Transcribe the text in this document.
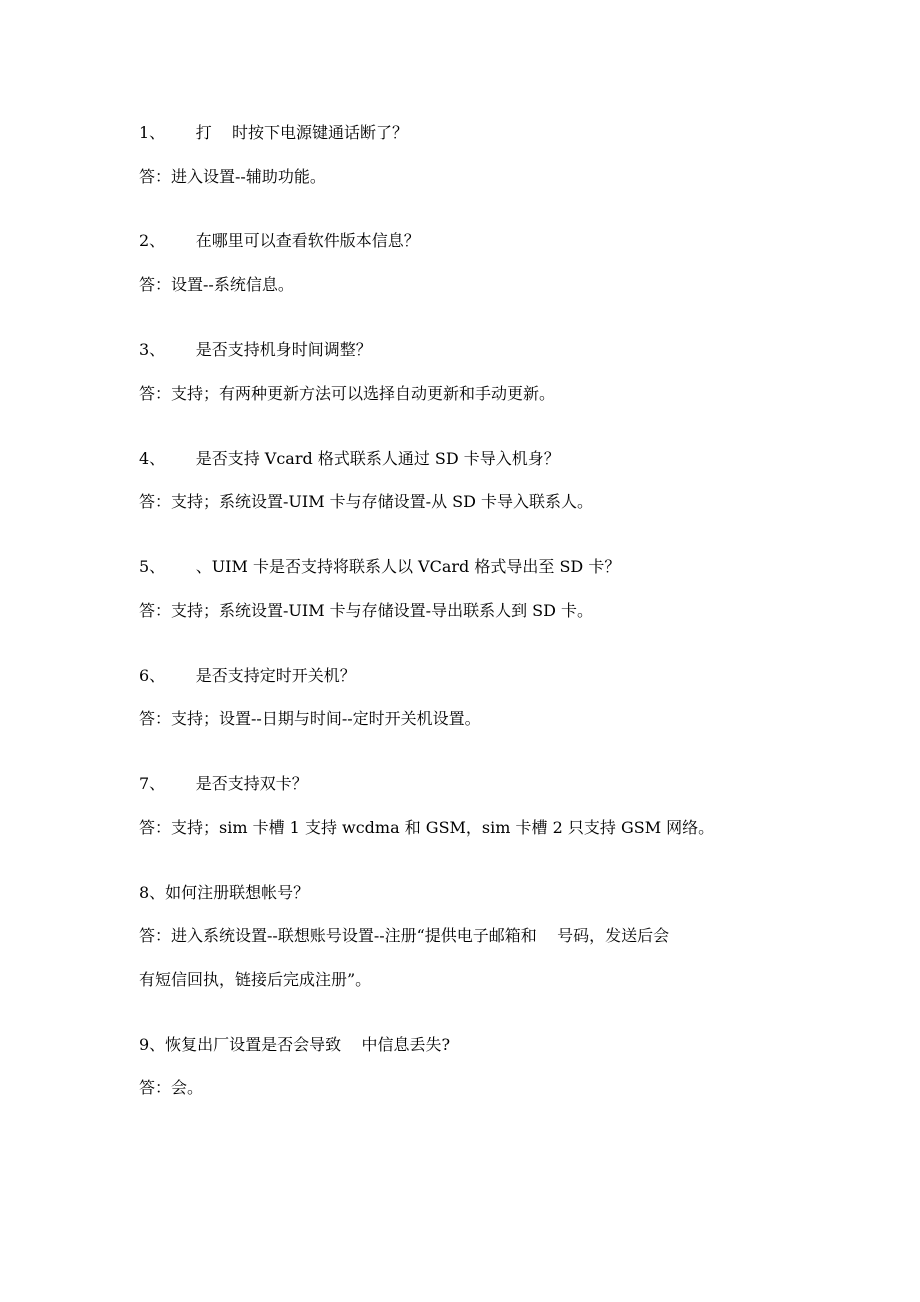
1、      打    时按下电源键通话断了？

答：进入设置--辅助功能。

2、      在哪里可以查看软件版本信息？

答：设置--系统信息。

3、      是否支持机身时间调整？

答：支持；有两种更新方法可以选择自动更新和手动更新。

4、      是否支持 Vcard 格式联系人通过 SD 卡导入机身？

答：支持；系统设置-UIM 卡与存储设置-从 SD 卡导入联系人。

5、      、UIM 卡是否支持将联系人以 VCard 格式导出至 SD 卡？

答：支持；系统设置-UIM 卡与存储设置-导出联系人到 SD 卡。

6、      是否支持定时开关机？

答：支持；设置--日期与时间--定时开关机设置。

7、      是否支持双卡？

答：支持；sim 卡槽 1 支持 wcdma 和 GSM，sim 卡槽 2 只支持 GSM 网络。

8、如何注册联想帐号？

答：进入系统设置--联想账号设置--注册“提供电子邮箱和    号码，发送后会

有短信回执，链接后完成注册”。

9、恢复出厂设置是否会导致    中信息丢失?

答：会。
